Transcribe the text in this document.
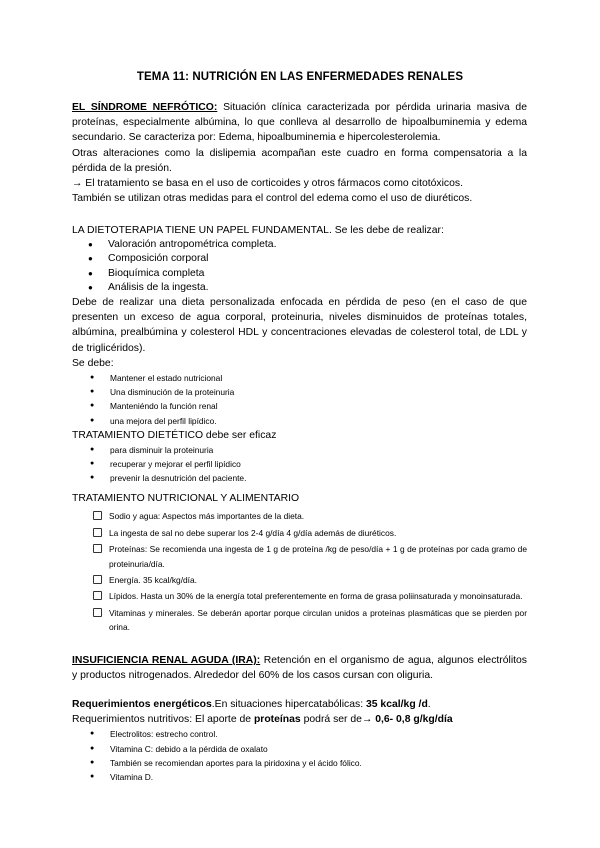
TEMA 11: NUTRICIÓN EN LAS ENFERMEDADES RENALES
EL SÍNDROME NEFRÓTICO: Situación clínica caracterizada por pérdida urinaria masiva de proteínas, especialmente albúmina, lo que conlleva al desarrollo de hipoalbuminemia y edema secundario. Se caracteriza por: Edema, hipoalbuminemia e hipercolesterolemia.
Otras alteraciones como la dislipemia acompañan este cuadro en forma compensatoria a la pérdida de la presión.
→ El tratamiento se basa en el uso de corticoides y otros fármacos como citotóxicos.
También se utilizan otras medidas para el control del edema como el uso de diuréticos.
LA DIETOTERAPIA TIENE UN PAPEL FUNDAMENTAL. Se les debe de realizar:
● Valoración antropométrica completa.
● Composición corporal
● Bioquímica completa
● Análisis de la ingesta.
Debe de realizar una dieta personalizada enfocada en pérdida de peso (en el caso de que presenten un exceso de agua corporal, proteinuria, niveles disminuidos de proteínas totales, albúmina, prealbúmina y colesterol HDL y concentraciones elevadas de colesterol total, de LDL y de triglicéridos).
Se debe:
● Mantener el estado nutricional
● Una disminución de la proteinuria
● Manteniéndo la función renal
● una mejora del perfil lipídico.
TRATAMIENTO DIETÉTICO debe ser eficaz
● para disminuir la proteinuria
● recuperar y mejorar el perfil lipídico
● prevenir la desnutrición del paciente.
TRATAMIENTO NUTRICIONAL Y ALIMENTARIO
Sodio y agua: Aspectos más importantes de la dieta.
La ingesta de sal no debe superar los 2-4 g/día 4 g/día además de diuréticos.
Proteínas: Se recomienda una ingesta de 1 g de proteína /kg de peso/día + 1 g de proteínas por cada gramo de proteinuria/día.
Energía. 35 kcal/kg/día.
Lípidos. Hasta un 30% de la energía total preferentemente en forma de grasa poliinsaturada y monoinsaturada.
Vitaminas y minerales. Se deberán aportar porque circulan unidos a proteínas plasmáticas que se pierden por orina.
INSUFICIENCIA RENAL AGUDA (IRA): Retención en el organismo de agua, algunos electrólitos y productos nitrogenados. Alrededor del 60% de los casos cursan con oliguria.
Requerimientos energéticos.En situaciones hipercatabólicas: 35 kcal/kg /d.
Requerimientos nutritivos: El aporte de proteínas podrá ser de→ 0,6- 0,8 g/kg/día
● Electrolitos: estrecho control.
● Vitamina C: debido a la pérdida de oxalato
● También se recomiendan aportes para la piridoxina y el ácido fólico.
● Vitamina D.
